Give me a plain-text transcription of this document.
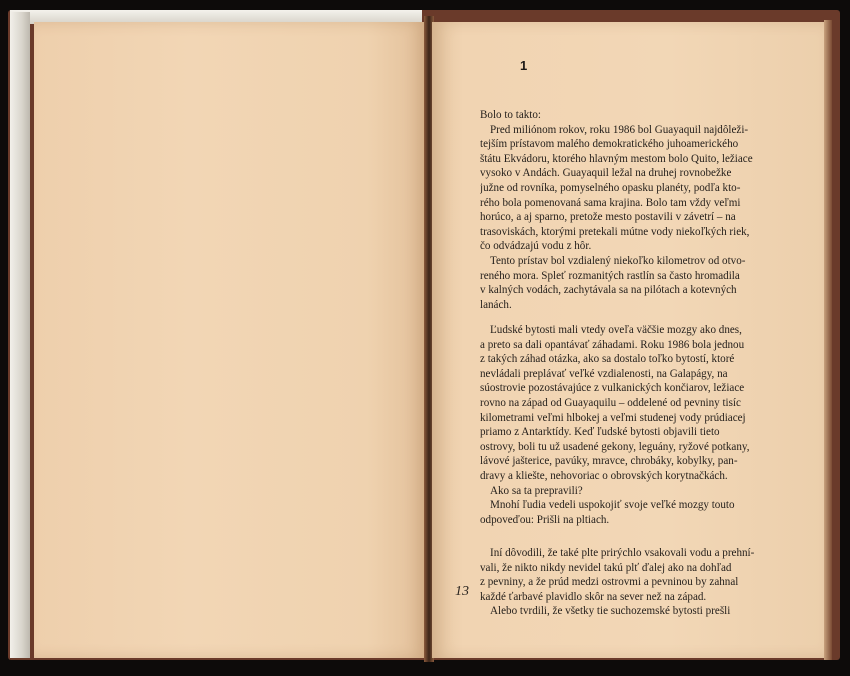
1
Bolo to takto:
Pred miliónom rokov, roku 1986 bol Guayaquil najdôleži-
tejším prístavom malého demokratického juhoamerického
štátu Ekvádoru, ktorého hlavným mestom bolo Quito, ležiace
vysoko v Andách. Guayaquil ležal na druhej rovnobežke
južne od rovníka, pomyselného opasku planéty, podľa kto-
rého bola pomenovaná sama krajina. Bolo tam vždy veľmi
horúco, a aj sparno, pretože mesto postavili v závetrí – na
trasoviskách, ktorými pretekali mútne vody niekoľkých riek,
čo odvádzajú vodu z hôr.
Tento prístav bol vzdialený niekoľko kilometrov od otvo-
reného mora. Spleť rozmanitých rastlín sa často hromadila
v kalných vodách, zachytávala sa na pilótach a kotevných
lanách.
Ľudské bytosti mali vtedy oveľa väčšie mozgy ako dnes,
a preto sa dali opantávať záhadami. Roku 1986 bola jednou
z takých záhad otázka, ako sa dostalo toľko bytostí, ktoré
nevládali preplávať veľké vzdialenosti, na Galapágy, na
súostrovie pozostávajúce z vulkanických končiarov, ležiace
rovno na západ od Guayaquilu – oddelené od pevniny tisíc
kilometrami veľmi hlbokej a veľmi studenej vody prúdiacej
priamo z Antarktídy. Keď ľudské bytosti objavili tieto
ostrovy, boli tu už usadené gekony, leguány, ryžové potkany,
lávové jašterice, pavúky, mravce, chrobáky, kobylky, pan-
dravy a kliešte, nehovoriac o obrovských korytnačkách.
Ako sa ta prepravili?
Mnohí ľudia vedeli uspokojiť svoje veľké mozgy touto
odpoveďou: Prišli na pltiach.
Iní dôvodili, že také plte prirýchlo vsakovali vodu a prehní-
vali, že nikto nikdy nevidel takú plť ďalej ako na dohľad
z pevniny, a že prúd medzi ostrovmi a pevninou by zahnal
každé ťarbavé plavidlo skôr na sever než na západ.
Alebo tvrdili, že všetky tie suchozemské bytosti prešli
13
